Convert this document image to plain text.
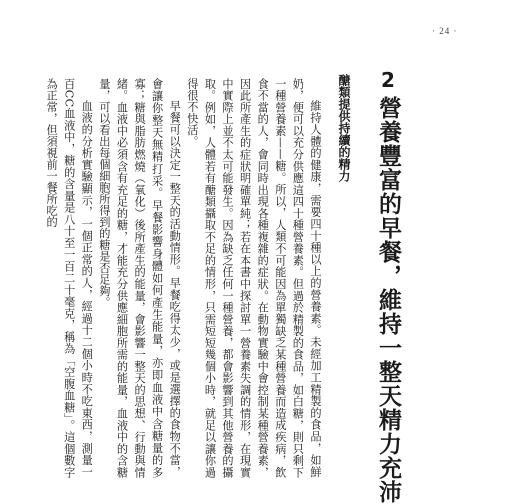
· 24 ·
2
營養豐富的早餐，維持一整天精力充沛
醣類提供持續的精力

維持人體的健康，需要四十種以上的營養素。未經加工精製的食品，如鮮奶，便可以充分供應這四十種營養素。但過於精製的食品，如白糖，則只剩下一種營養素——糖。所以，人類不可能因為單獨缺乏某種營養而造成疾病，飲食不當的人，會同時出現各種複雜的症狀。在動物實驗中會控制某種營養素，因此所產生的症狀明確單純；若在本書中探討單一營養素失調的情形，在現實中實際上並不太可能發生。因為缺乏任何一種營養，都會影響到其他營養的攝取。例如，人體若有醣類攝取不足的情形，只需短短幾個小時，就足以讓你過得很不快活。

早餐可以決定一整天的活動情形。早餐吃得太少，或是選擇的食物不當，會讓你整天無精打采。早餐影響身體如何產生能量，亦即血液中含糖量的多寡；糖與脂肪燃燒（氧化）後所產生的能量，會影響一整天的思想、行動與情緒。血液中必須含有充足的糖，才能充分供應細胞所需的能量，血液中的含糖量，可以看出每個細胞所得到的糖是否足夠。

血液的分析實驗顯示，一個正常的人，經過十二個小時不吃東西，測量一百CC血液中，糖的含量是八十至一百二十毫克，稱為「空腹血糖」。這個數字為正常，但須視前一餐所吃的
